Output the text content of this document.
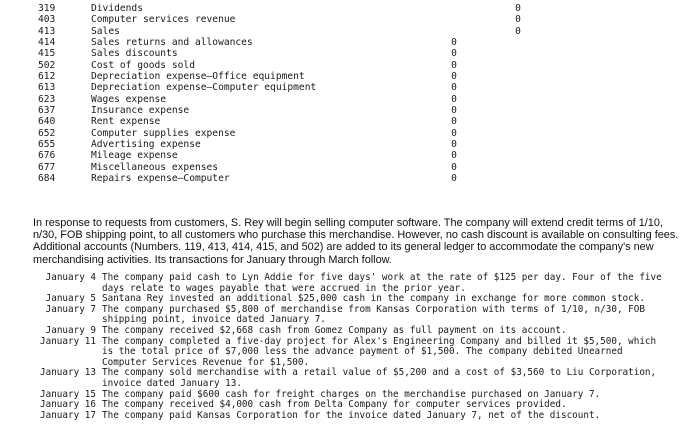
319	Dividends	0
403	Computer services revenue	0
413	Sales	0
414	Sales returns and allowances	0
415	Sales discounts	0
502	Cost of goods sold	0
612	Depreciation expense—Office equipment	0
613	Depreciation expense—Computer equipment	0
623	Wages expense	0
637	Insurance expense	0
640	Rent expense	0
652	Computer supplies expense	0
655	Advertising expense	0
676	Mileage expense	0
677	Miscellaneous expenses	0
684	Repairs expense—Computer	0

In response to requests from customers, S. Rey will begin selling computer software. The company will extend credit terms of 1/10, n/30, FOB shipping point, to all customers who purchase this merchandise. However, no cash discount is available on consulting fees. Additional accounts (Numbers. 119, 413, 414, 415, and 502) are added to its general ledger to accommodate the company's new merchandising activities. Its transactions for January through March follow.

January 4 The company paid cash to Lyn Addie for five days' work at the rate of $125 per day. Four of the five days relate to wages payable that were accrued in the prior year.
January 5 Santana Rey invested an additional $25,000 cash in the company in exchange for more common stock.
January 7 The company purchased $5,800 of merchandise from Kansas Corporation with terms of 1/10, n/30, FOB shipping point, invoice dated January 7.
January 9 The company received $2,668 cash from Gomez Company as full payment on its account.
January 11 The company completed a five-day project for Alex's Engineering Company and billed it $5,500, which is the total price of $7,000 less the advance payment of $1,500. The company debited Unearned Computer Services Revenue for $1,500.
January 13 The company sold merchandise with a retail value of $5,200 and a cost of $3,560 to Liu Corporation, invoice dated January 13.
January 15 The company paid $600 cash for freight charges on the merchandise purchased on January 7.
January 16 The company received $4,000 cash from Delta Company for computer services provided.
January 17 The company paid Kansas Corporation for the invoice dated January 7, net of the discount.
